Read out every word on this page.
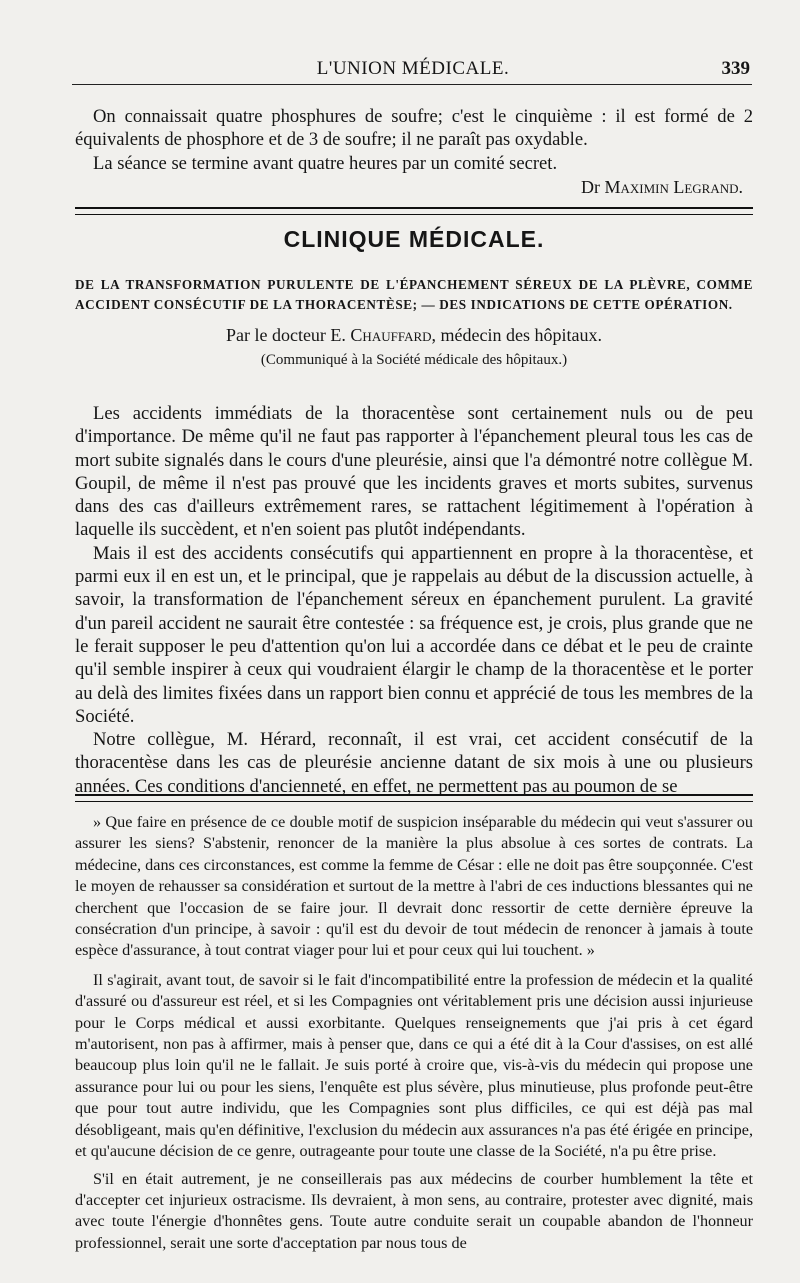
L'UNION MÉDICALE.	339

On connaissait quatre phosphures de soufre; c'est le cinquième : il est formé de 2 équivalents de phosphore et de 3 de soufre; il ne paraît pas oxydable.

La séance se termine avant quatre heures par un comité secret.

Dr Maximin Legrand.

CLINIQUE MÉDICALE.

DE LA TRANSFORMATION PURULENTE DE L'ÉPANCHEMENT SÉREUX DE LA PLÈVRE, COMME ACCIDENT CONSÉCUTIF DE LA THORACENTÈSE; — DES INDICATIONS DE CETTE OPÉRATION.

Par le docteur E. Chauffard, médecin des hôpitaux.

(Communiqué à la Société médicale des hôpitaux.)

Les accidents immédiats de la thoracentèse sont certainement nuls ou de peu d'importance. De même qu'il ne faut pas rapporter à l'épanchement pleural tous les cas de mort subite signalés dans le cours d'une pleurésie, ainsi que l'a démontré notre collègue M. Goupil, de même il n'est pas prouvé que les incidents graves et morts subites, survenus dans des cas d'ailleurs extrêmement rares, se rattachent légitimement à l'opération à laquelle ils succèdent, et n'en soient pas plutôt indépendants.

Mais il est des accidents consécutifs qui appartiennent en propre à la thoracentèse, et parmi eux il en est un, et le principal, que je rappelais au début de la discussion actuelle, à savoir, la transformation de l'épanchement séreux en épanchement purulent. La gravité d'un pareil accident ne saurait être contestée : sa fréquence est, je crois, plus grande que ne le ferait supposer le peu d'attention qu'on lui a accordée dans ce débat et le peu de crainte qu'il semble inspirer à ceux qui voudraient élargir le champ de la thoracentèse et le porter au delà des limites fixées dans un rapport bien connu et apprécié de tous les membres de la Société.

Notre collègue, M. Hérard, reconnaît, il est vrai, cet accident consécutif de la thoracentèse dans les cas de pleurésie ancienne datant de six mois à une ou plusieurs années. Ces conditions d'ancienneté, en effet, ne permettent pas au poumon de se

» Que faire en présence de ce double motif de suspicion inséparable du médecin qui veut s'assurer ou assurer les siens? S'abstenir, renoncer de la manière la plus absolue à ces sortes de contrats. La médecine, dans ces circonstances, est comme la femme de César : elle ne doit pas être soupçonnée. C'est le moyen de rehausser sa considération et surtout de la mettre à l'abri de ces inductions blessantes qui ne cherchent que l'occasion de se faire jour. Il devrait donc ressortir de cette dernière épreuve la consécration d'un principe, à savoir : qu'il est du devoir de tout médecin de renoncer à jamais à toute espèce d'assurance, à tout contrat viager pour lui et pour ceux qui lui touchent. »

Il s'agirait, avant tout, de savoir si le fait d'incompatibilité entre la profession de médecin et la qualité d'assuré ou d'assureur est réel, et si les Compagnies ont véritablement pris une décision aussi injurieuse pour le Corps médical et aussi exorbitante. Quelques renseignements que j'ai pris à cet égard m'autorisent, non pas à affirmer, mais à penser que, dans ce qui a été dit à la Cour d'assises, on est allé beaucoup plus loin qu'il ne le fallait. Je suis porté à croire que, vis-à-vis du médecin qui propose une assurance pour lui ou pour les siens, l'enquête est plus sévère, plus minutieuse, plus profonde peut-être que pour tout autre individu, que les Compagnies sont plus difficiles, ce qui est déjà pas mal désobligeant, mais qu'en définitive, l'exclusion du médecin aux assurances n'a pas été érigée en principe, et qu'aucune décision de ce genre, outrageante pour toute une classe de la Société, n'a pu être prise.

S'il en était autrement, je ne conseillerais pas aux médecins de courber humblement la tête et d'accepter cet injurieux ostracisme. Ils devraient, à mon sens, au contraire, protester avec dignité, mais avec toute l'énergie d'honnêtes gens. Toute autre conduite serait un coupable abandon de l'honneur professionnel, serait une sorte d'acceptation par nous tous de
